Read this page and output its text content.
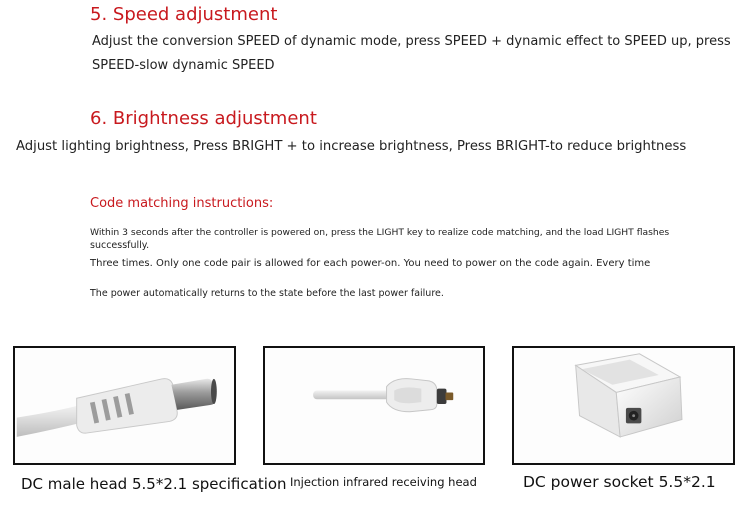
5. Speed adjustment
Adjust the conversion SPEED of dynamic mode, press SPEED + dynamic effect to SPEED up, press
SPEED-slow dynamic SPEED
6. Brightness adjustment
Adjust lighting brightness, Press BRIGHT + to increase brightness, Press BRIGHT-to reduce brightness
Code matching instructions:
Within 3 seconds after the controller is powered on, press the LIGHT key to realize code matching, and the load LIGHT flashes
successfully.
Three times. Only one code pair is allowed for each power-on. You need to power on the code again. Every time
The power automatically returns to the state before the last power failure.
DC male head 5.5*2.1 specification Injection infrared receiving head	DC power socket 5.5*2.1
